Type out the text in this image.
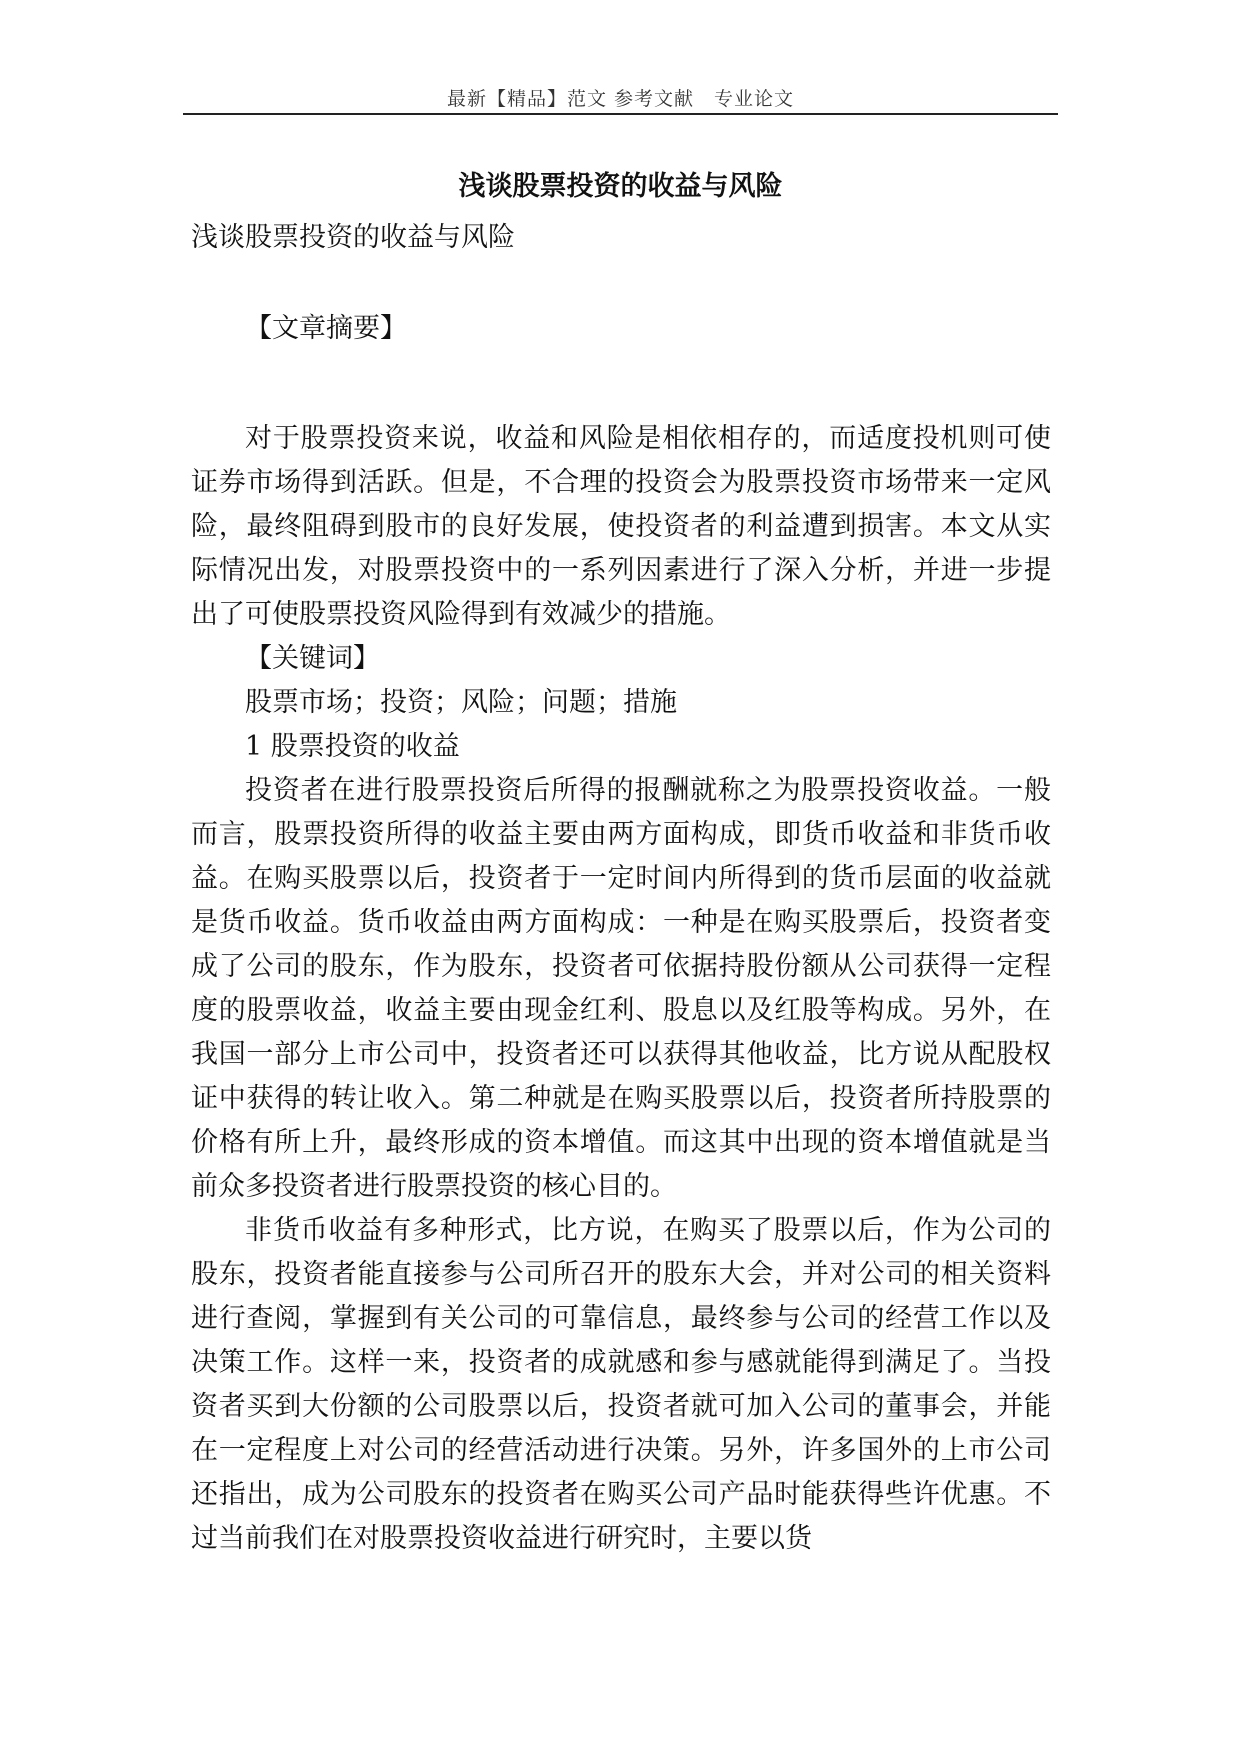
最新【精品】范文 参考文献　专业论文
浅谈股票投资的收益与风险

浅谈股票投资的收益与风险

【文章摘要】

对于股票投资来说，收益和风险是相依相存的，而适度投机则可使证券市场得到活跃。但是，不合理的投资会为股票投资市场带来一定风险，最终阻碍到股市的良好发展，使投资者的利益遭到损害。本文从实际情况出发，对股票投资中的一系列因素进行了深入分析，并进一步提出了可使股票投资风险得到有效减少的措施。

【关键词】

股票市场；投资；风险；问题；措施

1 股票投资的收益

投资者在进行股票投资后所得的报酬就称之为股票投资收益。一般而言，股票投资所得的收益主要由两方面构成，即货币收益和非货币收益。在购买股票以后，投资者于一定时间内所得到的货币层面的收益就是货币收益。货币收益由两方面构成：一种是在购买股票后，投资者变成了公司的股东，作为股东，投资者可依据持股份额从公司获得一定程度的股票收益，收益主要由现金红利、股息以及红股等构成。另外，在我国一部分上市公司中，投资者还可以获得其他收益，比方说从配股权证中获得的转让收入。第二种就是在购买股票以后，投资者所持股票的价格有所上升，最终形成的资本增值。而这其中出现的资本增值就是当前众多投资者进行股票投资的核心目的。

非货币收益有多种形式，比方说，在购买了股票以后，作为公司的股东，投资者能直接参与公司所召开的股东大会，并对公司的相关资料进行查阅，掌握到有关公司的可靠信息，最终参与公司的经营工作以及决策工作。这样一来，投资者的成就感和参与感就能得到满足了。当投资者买到大份额的公司股票以后，投资者就可加入公司的董事会，并能在一定程度上对公司的经营活动进行决策。另外，许多国外的上市公司还指出，成为公司股东的投资者在购买公司产品时能获得些许优惠。不过当前我们在对股票投资收益进行研究时，主要以货
